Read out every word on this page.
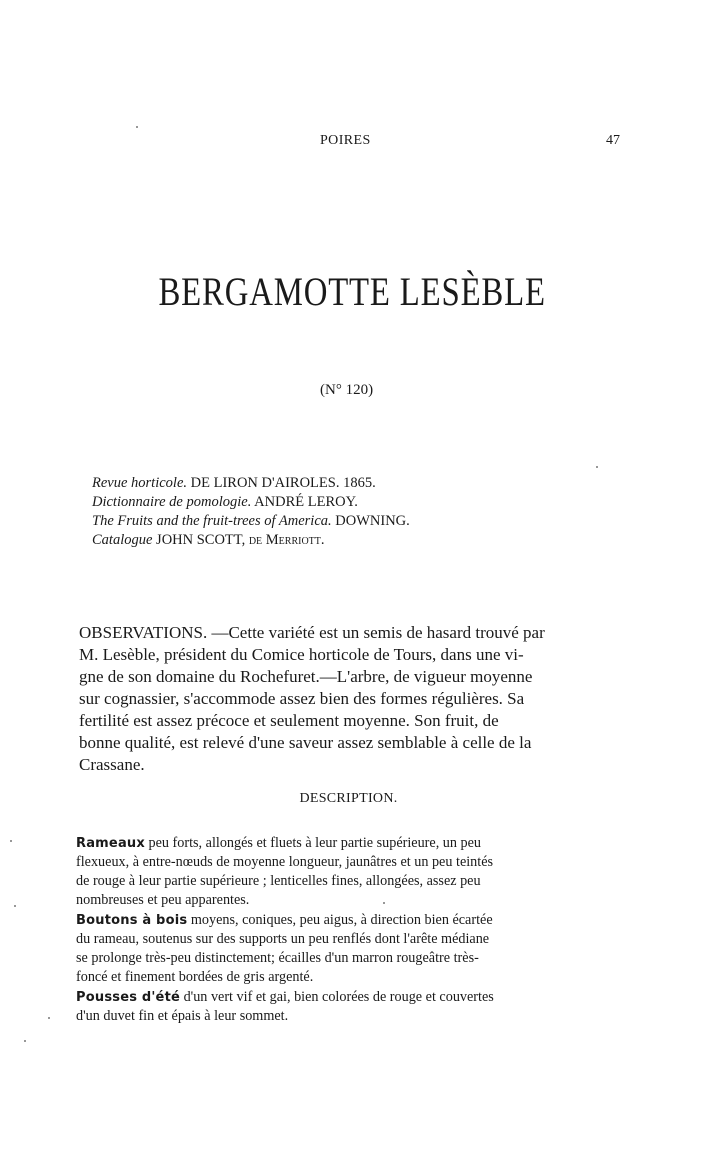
POIRES	47
BERGAMOTTE LESÈBLE
(N° 120)
Revue horticole. DE LIRON D'AIROLES. 1865.
Dictionnaire de pomologie. ANDRÉ LEROY.
The Fruits and the fruit-trees of America. DOWNING.
Catalogue JOHN SCOTT, de Merriott.
OBSERVATIONS. —Cette variété est un semis de hasard trouvé par
M. Lesèble, président du Comice horticole de Tours, dans une vi-
gne de son domaine du Rochefuret.—L'arbre, de vigueur moyenne
sur cognassier, s'accommode assez bien des formes régulières. Sa
fertilité est assez précoce et seulement moyenne. Son fruit, de
bonne qualité, est relevé d'une saveur assez semblable à celle de la
Crassane.
DESCRIPTION.
Rameaux peu forts, allongés et fluets à leur partie supérieure, un peu
flexueux, à entre-nœuds de moyenne longueur, jaunâtres et un peu teintés
de rouge à leur partie supérieure ; lenticelles fines, allongées, assez peu
nombreuses et peu apparentes.
Boutons à bois moyens, coniques, peu aigus, à direction bien écartée
du rameau, soutenus sur des supports un peu renflés dont l'arête médiane
se prolonge très-peu distinctement; écailles d'un marron rougeâtre très-
foncé et finement bordées de gris argenté.
Pousses d'été d'un vert vif et gai, bien colorées de rouge et couvertes
d'un duvet fin et épais à leur sommet.
